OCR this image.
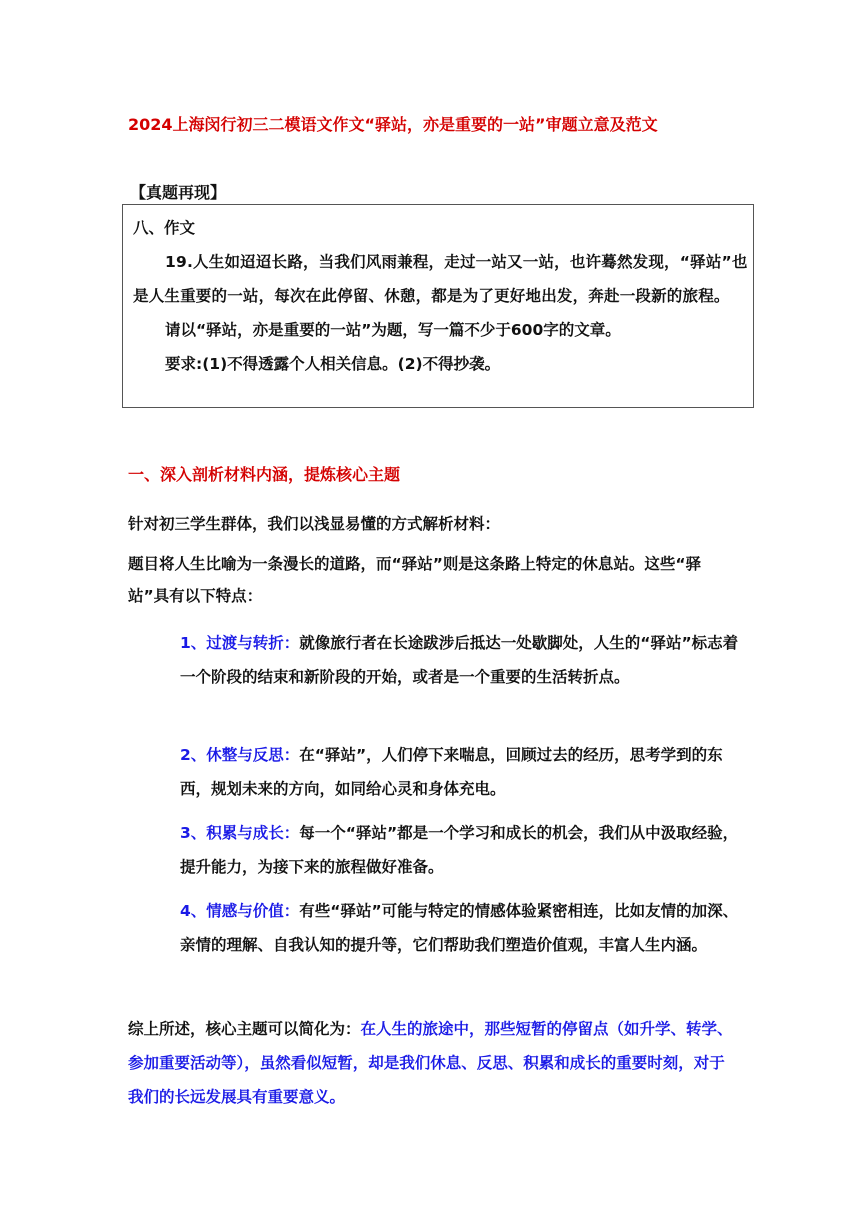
2024上海闵行初三二模语文作文“驿站，亦是重要的一站”审题立意及范文
【真题再现】
八、作文
19.人生如迢迢长路，当我们风雨兼程，走过一站又一站，也许蓦然发现，“驿站”也是人生重要的一站，每次在此停留、休憩，都是为了更好地出发，奔赴一段新的旅程。
请以“驿站，亦是重要的一站”为题，写一篇不少于600字的文章。
要求:(1)不得透露个人相关信息。(2)不得抄袭。
一、深入剖析材料内涵，提炼核心主题
针对初三学生群体，我们以浅显易懂的方式解析材料：
题目将人生比喻为一条漫长的道路，而“驿站”则是这条路上特定的休息站。这些“驿站”具有以下特点：
1、过渡与转折：就像旅行者在长途跋涉后抵达一处歇脚处，人生的“驿站”标志着一个阶段的结束和新阶段的开始，或者是一个重要的生活转折点。
2、休整与反思：在“驿站”，人们停下来喘息，回顾过去的经历，思考学到的东西，规划未来的方向，如同给心灵和身体充电。
3、积累与成长：每一个“驿站”都是一个学习和成长的机会，我们从中汲取经验，提升能力，为接下来的旅程做好准备。
4、情感与价值：有些“驿站”可能与特定的情感体验紧密相连，比如友情的加深、亲情的理解、自我认知的提升等，它们帮助我们塑造价值观，丰富人生内涵。
综上所述，核心主题可以简化为：在人生的旅途中，那些短暂的停留点（如升学、转学、参加重要活动等），虽然看似短暂，却是我们休息、反思、积累和成长的重要时刻，对于我们的长远发展具有重要意义。
